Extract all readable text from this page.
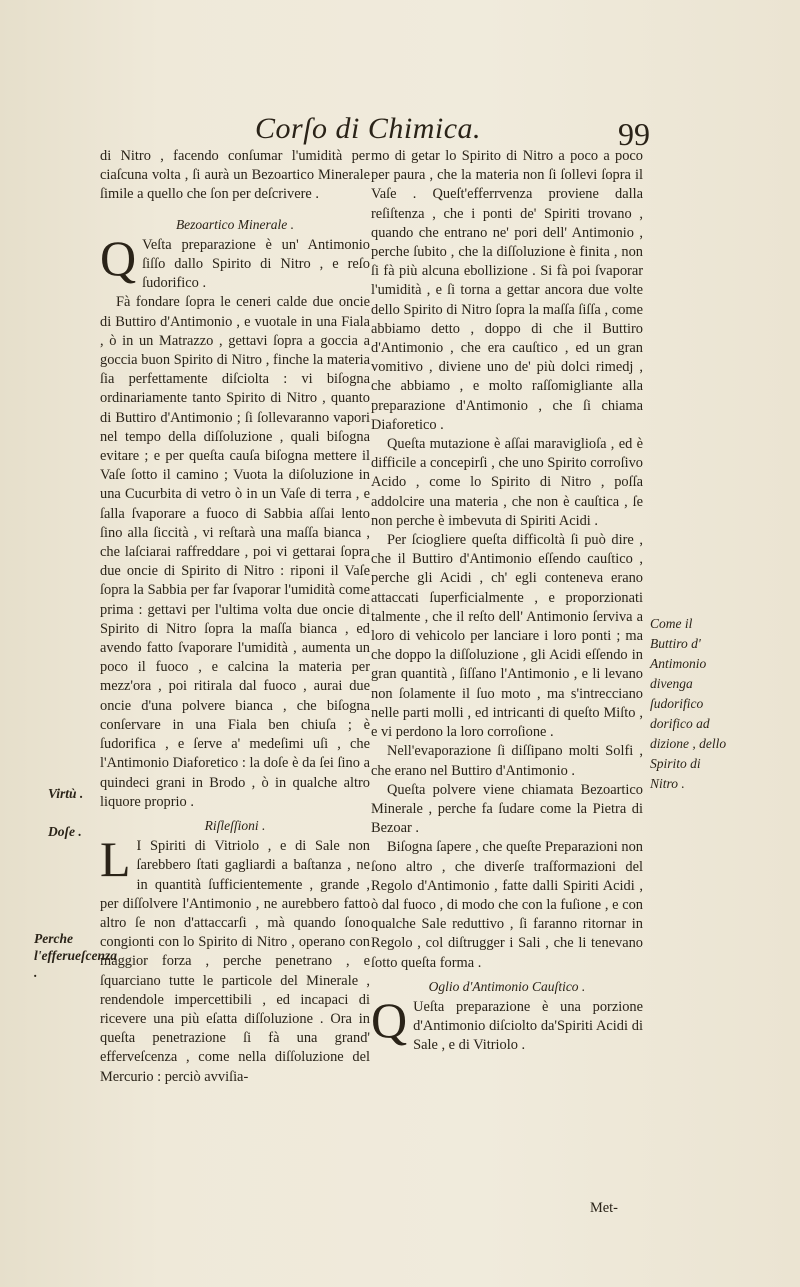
Corſo di Chimica.	99

di Nitro , facendo conſumar l'umidità per ciaſcuna volta , ſi aurà un Bezoartico Minerale ſimile a quello che ſon per deſcrivere .

Bezoartico Minerale .

Q Veſta preparazione è un' Antimonio ſiſſo dallo Spirito di Nitro , e reſo ſudorifico .

Fà fondare ſopra le ceneri calde due oncie di Buttiro d'Antimonio , e vuotale in una Fiala , ò in un Matrazzo , gettavi ſopra a goccia a goccia buon Spirito di Nitro , finche la materia ſia perfettamente diſciolta : vi biſogna ordinariamente tanto Spirito di Nitro , quanto di Buttiro d'Antimonio ; ſi ſollevaranno vapori nel tempo della diſſoluzione , quali biſogna evitare ; e per queſta cauſa biſogna mettere il Vaſe ſotto il camino ; Vuota la diſoluzione in una Cucurbita di vetro ò in un Vaſe di terra , e ſalla ſvaporare a fuoco di Sabbia aſſai lento ſino alla ſiccità , vi reſtarà una maſſa bianca , che laſciarai raffreddare , poi vi gettarai ſopra due oncie di Spirito di Nitro : riponi il Vaſe ſopra la Sabbia per far ſvaporar l'umidità come prima : gettavi per l'ultima volta due oncie di Spirito di Nitro ſopra la maſſa bianca , ed avendo fatto ſvaporare l'umidità , aumenta un poco il fuoco , e calcina la materia per mezz'ora , poi ritirala dal fuoco , aurai due oncie d'una polvere bianca , che biſogna conſervare in una Fiala ben chiuſa ; è ſudorifica , e ſerve a' medeſimi uſi , che l'Antimonio Diaforetico : la doſe è da ſei ſino a quindeci grani in Brodo , ò in qualche altro liquore proprio .

Riſleſſioni .

L I Spiriti di Vitriolo , e di Sale non ſarebbero ſtati gagliardi a baſtanza , ne in quantità ſufficientemente , grande , per diſſolvere l'Antimonio , ne aurebbero fatto altro ſe non d'attaccarſi , mà quando ſono congionti con lo Spirito di Nitro , operano con maggior forza , perche penetrano , e ſquarciano tutte le particole del Minerale , rendendole impercettibili , ed incapaci di ricevere una più eſatta diſſoluzione . Ora in queſta penetrazione ſi fà una grand' efferveſcenza , come nella diſſoluzione del Mercurio : perciò avviſia-

Virtù .
Doſe .
Perche l'efferueſcenza .

mo di getar lo Spirito di Nitro a poco a poco per paura , che la materia non ſi ſollevi ſopra il Vaſe . Queſt'efferrvenza proviene dalla reſiſtenza , che i ponti de' Spiriti trovano , quando che entrano ne' pori dell' Antimonio , perche ſubito , che la diſſoluzione è finita , non ſi fà più alcuna ebollizione . Si fà poi ſvaporar l'umidità , e ſi torna a gettar ancora due volte dello Spirito di Nitro ſopra la maſſa ſiſſa , come abbiamo detto , doppo di che il Buttiro d'Antimonio , che era cauſtico , ed un gran vomitivo , diviene uno de' più dolci rimedj , che abbiamo , e molto raſſomigliante alla preparazione d'Antimonio , che ſi chiama Diaforetico .

Queſta mutazione è aſſai maraviglioſa , ed è difficile a concepirſi , che uno Spirito corroſivo Acido , come lo Spirito di Nitro , poſſa addolcire una materia , che non è cauſtica , ſe non perche è imbevuta di Spiriti Acidi .

Per ſciogliere queſta difficoltà ſi può dire , che il Buttiro d'Antimonio eſſendo cauſtico , perche gli Acidi , ch' egli conteneva erano attaccati ſuperficialmente , e proporzionati talmente , che il reſto dell' Antimonio ſerviva a loro di vehicolo per lanciare i loro ponti ; ma che doppo la diſſoluzione , gli Acidi eſſendo in gran quantità , ſiſſano l'Antimonio , e li levano non ſolamente il ſuo moto , ma s'intrecciano nelle parti molli , ed intricanti di queſto Miſto , e vi perdono la loro corroſione .

Nell'evaporazione ſi diſſipano molti Solfi , che erano nel Buttiro d'Antimonio .

Queſta polvere viene chiamata Bezoartico Minerale , perche fa ſudare come la Pietra di Bezoar .

Biſogna ſapere , che queſte Preparazioni non ſono altro , che diverſe traſformazioni del Regolo d'Antimonio , fatte dalli Spiriti Acidi , ò dal fuoco , di modo che con la fuſione , e con qualche Sale reduttivo , ſi faranno ritornar in Regolo , col diſtrugger i Sali , che li tenevano ſotto queſta forma .

Oglio d'Antimonio Cauſtico .

Q Ueſta preparazione è una porzione d'Antimonio diſciolto da'Spiriti Acidi di Sale , e di Vitriolo .

Come il Buttiro d' Antimonio divenga ſudorifico dorifico ad dizione , dello Spirito di Nitro .
Met-
